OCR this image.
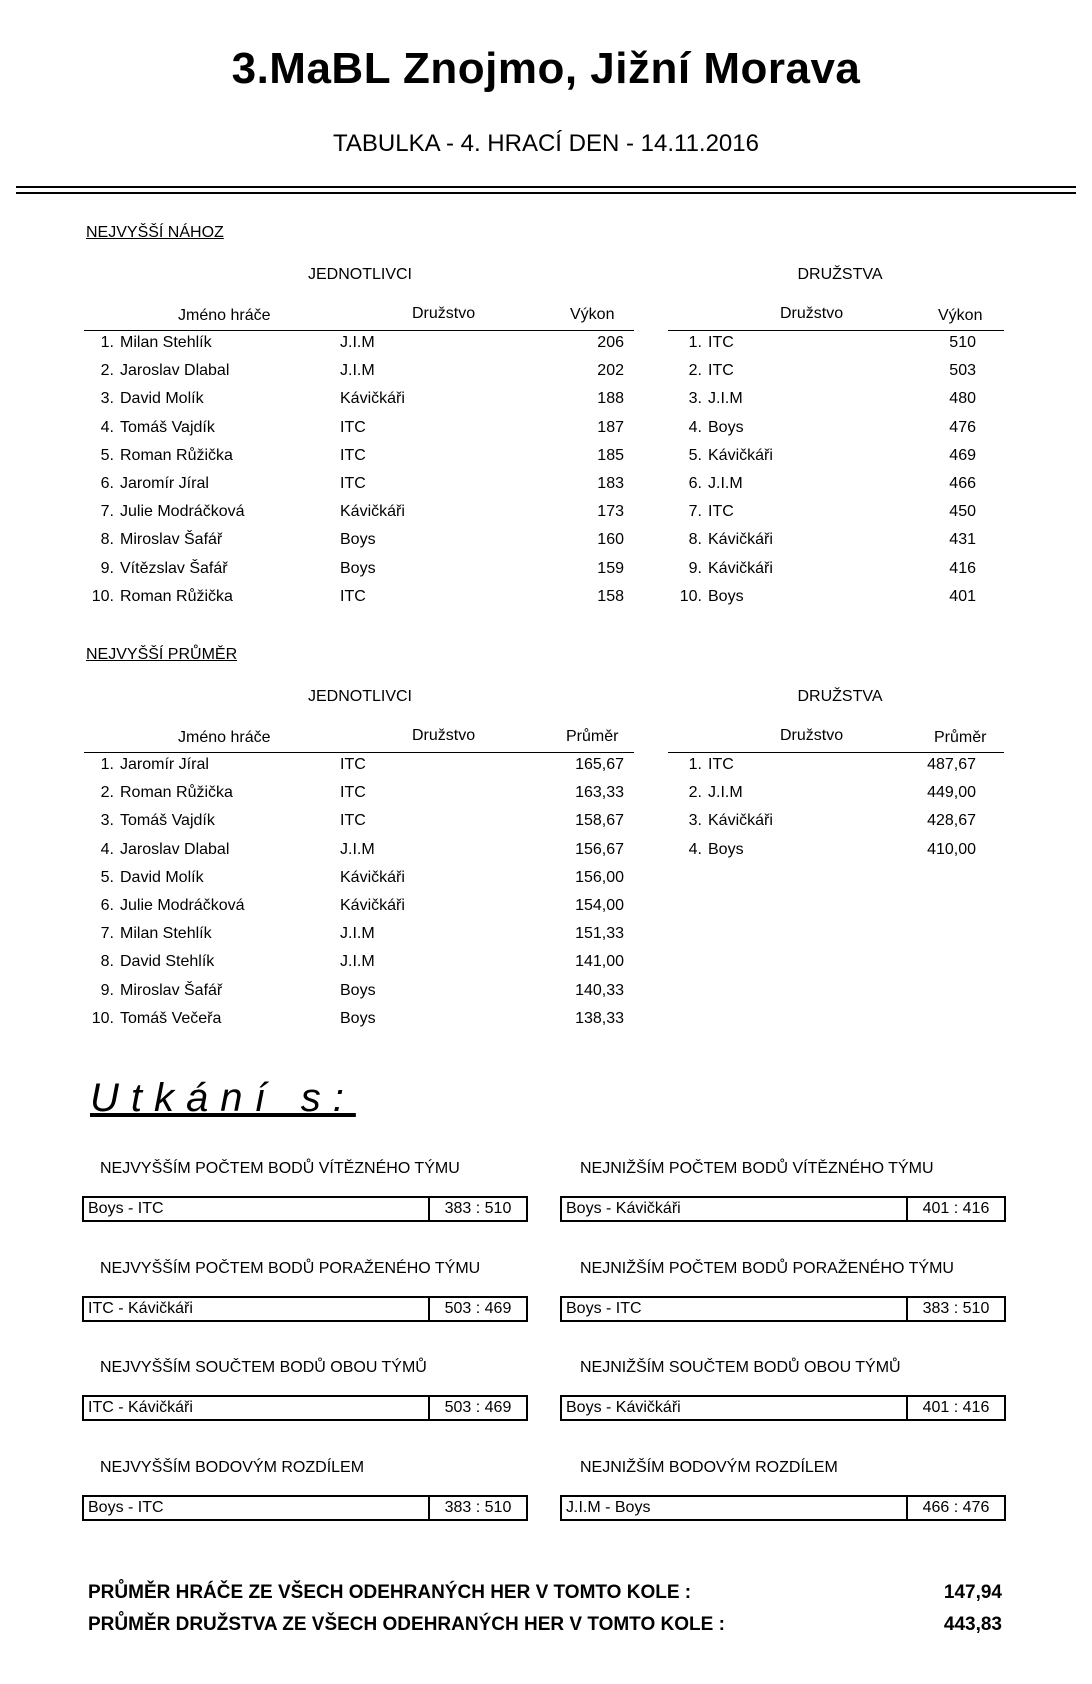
3.MaBL Znojmo, Jižní Morava
TABULKA - 4. HRACÍ DEN - 14.11.2016
NEJVYŠŠÍ NÁHOZ
JEDNOTLIVCI	DRUŽSTVA
Jméno hráče	Družstvo	Výkon	Družstvo	Výkon
1. Milan Stehlík	J.I.M	206
2. Jaroslav Dlabal	J.I.M	202
3. David Molík	Kávičkáři	188
4. Tomáš Vajdík	ITC	187
5. Roman Růžička	ITC	185
6. Jaromír Jíral	ITC	183
7. Julie Modráčková	Kávičkáři	173
8. Miroslav Šafář	Boys	160
9. Vítězslav Šafář	Boys	159
10. Roman Růžička	ITC	158
1. ITC	510
2. ITC	503
3. J.I.M	480
4. Boys	476
5. Kávičkáři	469
6. J.I.M	466
7. ITC	450
8. Kávičkáři	431
9. Kávičkáři	416
10. Boys	401
NEJVYŠŠÍ PRŮMĚR
JEDNOTLIVCI	DRUŽSTVA
Jméno hráče	Družstvo	Průměr	Družstvo	Průměr
1. Jaromír Jíral	ITC	165,67
2. Roman Růžička	ITC	163,33
3. Tomáš Vajdík	ITC	158,67
4. Jaroslav Dlabal	J.I.M	156,67
5. David Molík	Kávičkáři	156,00
6. Julie Modráčková	Kávičkáři	154,00
7. Milan Stehlík	J.I.M	151,33
8. David Stehlík	J.I.M	141,00
9. Miroslav Šafář	Boys	140,33
10. Tomáš Večeřa	Boys	138,33
1. ITC	487,67
2. J.I.M	449,00
3. Kávičkáři	428,67
4. Boys	410,00
Utkání s:
NEJVYŠŠÍM POČTEM BODŮ VÍTĚZNÉHO TÝMU
Boys - ITC	383 : 510
NEJNIŽŠÍM POČTEM BODŮ VÍTĚZNÉHO TÝMU
Boys - Kávičkáři	401 : 416
NEJVYŠŠÍM POČTEM BODŮ PORAŽENÉHO TÝMU
ITC - Kávičkáři	503 : 469
NEJNIŽŠÍM POČTEM BODŮ PORAŽENÉHO TÝMU
Boys - ITC	383 : 510
NEJVYŠŠÍM SOUČTEM BODŮ OBOU TÝMŮ
ITC - Kávičkáři	503 : 469
NEJNIŽŠÍM SOUČTEM BODŮ OBOU TÝMŮ
Boys - Kávičkáři	401 : 416
NEJVYŠŠÍM BODOVÝM ROZDÍLEM
Boys - ITC	383 : 510
NEJNIŽŠÍM BODOVÝM ROZDÍLEM
J.I.M - Boys	466 : 476
PRŮMĚR HRÁČE ZE VŠECH ODEHRANÝCH HER V TOMTO KOLE :	147,94
PRŮMĚR DRUŽSTVA ZE VŠECH ODEHRANÝCH HER V TOMTO KOLE :	443,83
